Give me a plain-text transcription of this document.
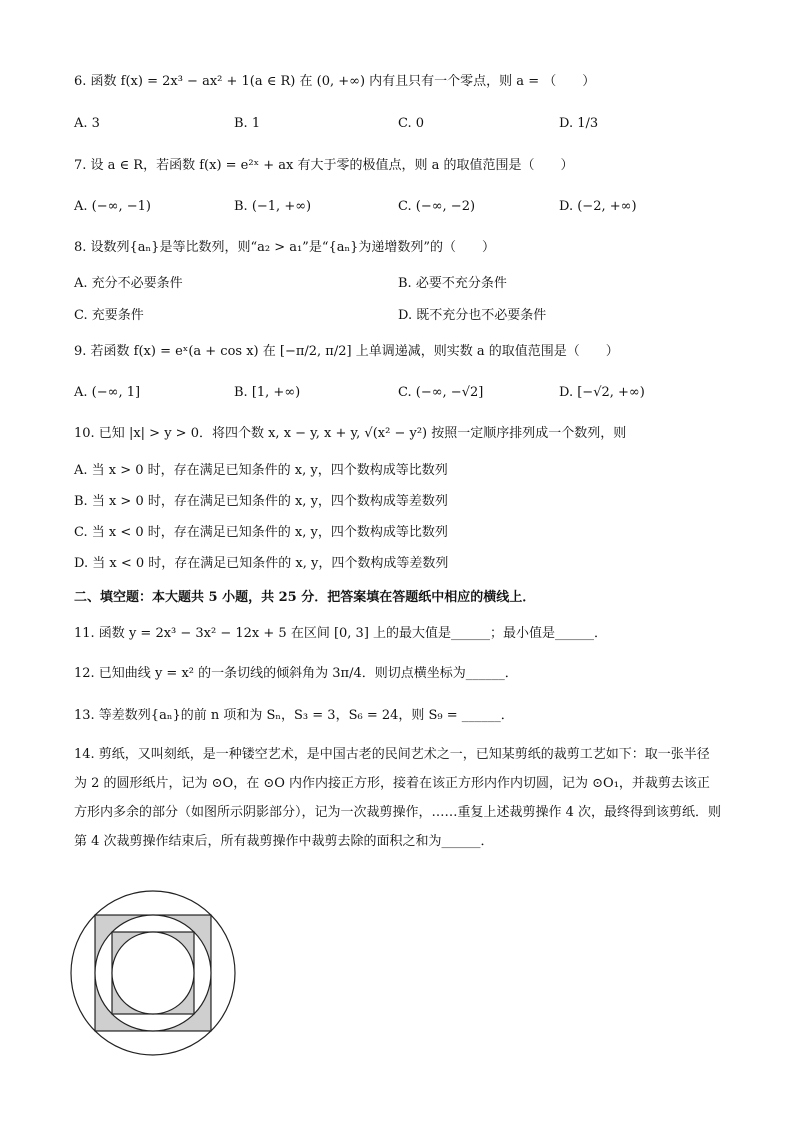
6. 函数 f(x) = 2x³ − ax² + 1(a ∈ R) 在 (0, +∞) 内有且只有一个零点，则 a = （　　）
A. 3	B. 1	C. 0	D. 1/3
7. 设 a ∈ R，若函数 f(x) = e²ˣ + ax 有大于零的极值点，则 a 的取值范围是（　　）
A. (−∞, −1)	B. (−1, +∞)	C. (−∞, −2)	D. (−2, +∞)
8. 设数列{aₙ}是等比数列，则“a₂ > a₁”是“{aₙ}为递增数列”的（　　）
A. 充分不必要条件	B. 必要不充分条件
C. 充要条件	D. 既不充分也不必要条件
9. 若函数 f(x) = eˣ(a + cos x) 在 [−π/2, π/2] 上单调递减，则实数 a 的取值范围是（　　）
A. (−∞, 1]	B. [1, +∞)	C. (−∞, −√2]	D. [−√2, +∞)
10. 已知 |x| > y > 0．将四个数 x, x − y, x + y, √(x² − y²) 按照一定顺序排列成一个数列，则
A. 当 x > 0 时，存在满足已知条件的 x, y，四个数构成等比数列
B. 当 x > 0 时，存在满足已知条件的 x, y，四个数构成等差数列
C. 当 x < 0 时，存在满足已知条件的 x, y，四个数构成等比数列
D. 当 x < 0 时，存在满足已知条件的 x, y，四个数构成等差数列
二、填空题：本大题共 5 小题，共 25 分．把答案填在答题纸中相应的横线上．
11. 函数 y = 2x³ − 3x² − 12x + 5 在区间 [0, 3] 上的最大值是______；最小值是______．
12. 已知曲线 y = x² 的一条切线的倾斜角为 3π/4．则切点横坐标为______．
13. 等差数列{aₙ}的前 n 项和为 Sₙ，S₃ = 3，S₆ = 24，则 S₉ = ______．
14. 剪纸，又叫刻纸，是一种镂空艺术，是中国古老的民间艺术之一，已知某剪纸的裁剪工艺如下：取一张半径为 2 的圆形纸片，记为 ⊙O，在 ⊙O 内作内接正方形，接着在该正方形内作内切圆，记为 ⊙O₁，并裁剪去该正方形内多余的部分（如图所示阴影部分），记为一次裁剪操作，……重复上述裁剪操作 4 次，最终得到该剪纸．则第 4 次裁剪操作结束后，所有裁剪操作中裁剪去除的面积之和为______．
